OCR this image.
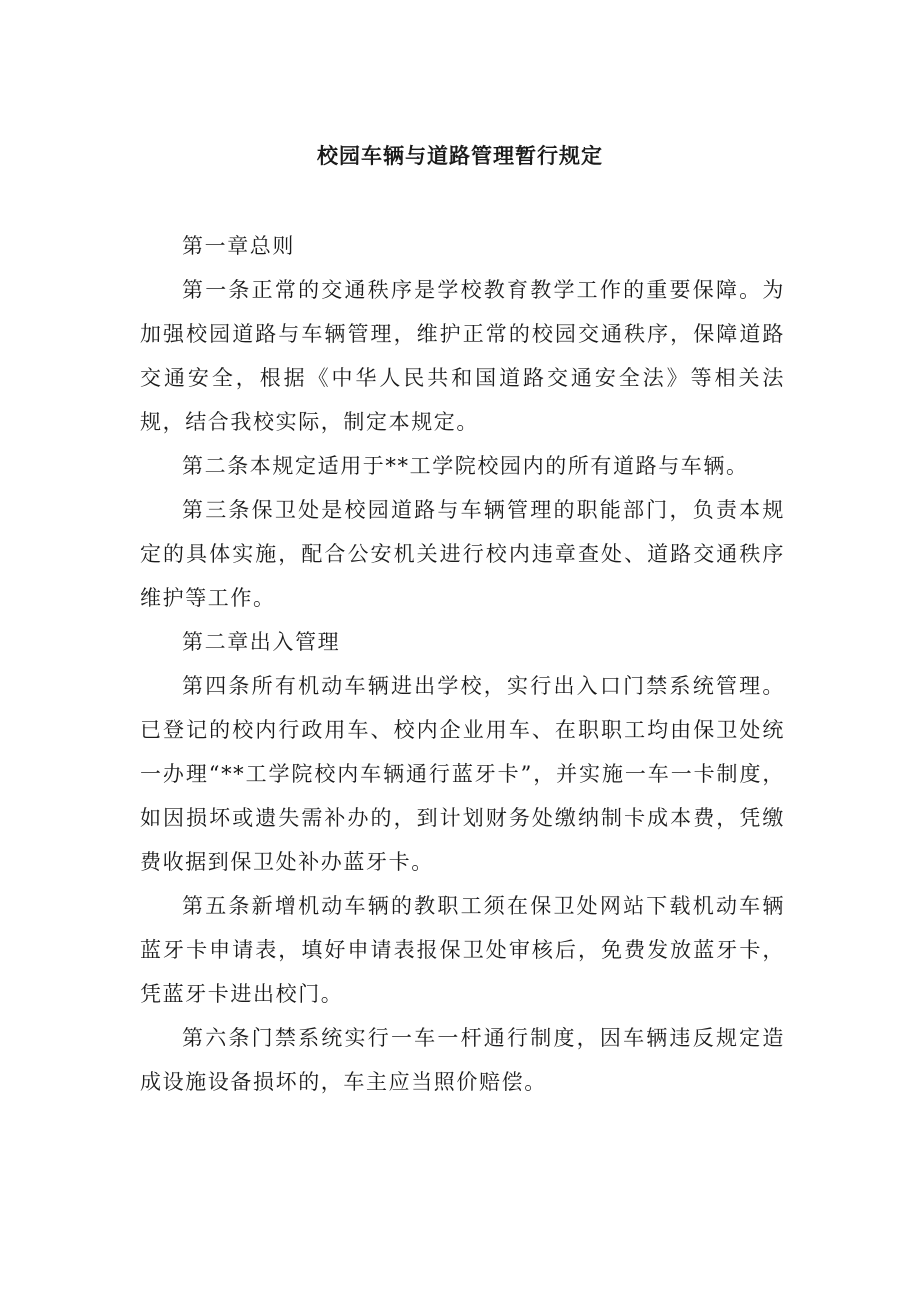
校园车辆与道路管理暂行规定

第一章总则

第一条正常的交通秩序是学校教育教学工作的重要保障。为加强校园道路与车辆管理，维护正常的校园交通秩序，保障道路交通安全，根据《中华人民共和国道路交通安全法》等相关法规，结合我校实际，制定本规定。

第二条本规定适用于**工学院校园内的所有道路与车辆。

第三条保卫处是校园道路与车辆管理的职能部门，负责本规定的具体实施，配合公安机关进行校内违章查处、道路交通秩序维护等工作。

第二章出入管理

第四条所有机动车辆进出学校，实行出入口门禁系统管理。已登记的校内行政用车、校内企业用车、在职职工均由保卫处统一办理“**工学院校内车辆通行蓝牙卡”，并实施一车一卡制度，如因损坏或遗失需补办的，到计划财务处缴纳制卡成本费，凭缴费收据到保卫处补办蓝牙卡。

第五条新增机动车辆的教职工须在保卫处网站下载机动车辆蓝牙卡申请表，填好申请表报保卫处审核后，免费发放蓝牙卡，凭蓝牙卡进出校门。

第六条门禁系统实行一车一杆通行制度，因车辆违反规定造成设施设备损坏的，车主应当照价赔偿。
